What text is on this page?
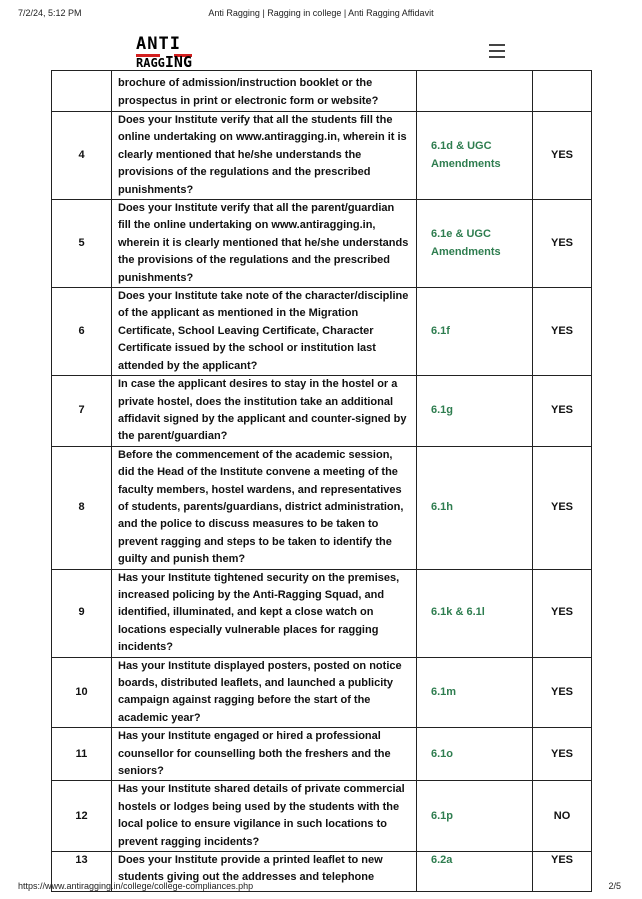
7/2/24, 5:12 PM	Anti Ragging | Ragging in college | Anti Ragging Affidavit
ANTI
RAGGING
	brochure of admission/instruction booklet or the prospectus in print or electronic form or website?		
4	Does your Institute verify that all the students fill the online undertaking on www.antiragging.in, wherein it is clearly mentioned that he/she understands the provisions of the regulations and the prescribed punishments?	6.1d & UGC Amendments	YES
5	Does your Institute verify that all the parent/guardian fill the online undertaking on www.antiragging.in, wherein it is clearly mentioned that he/she understands the provisions of the regulations and the prescribed punishments?	6.1e & UGC Amendments	YES
6	Does your Institute take note of the character/discipline of the applicant as mentioned in the Migration Certificate, School Leaving Certificate, Character Certificate issued by the school or institution last attended by the applicant?	6.1f	YES
7	In case the applicant desires to stay in the hostel or a private hostel, does the institution take an additional affidavit signed by the applicant and counter-signed by the parent/guardian?	6.1g	YES
8	Before the commencement of the academic session, did the Head of the Institute convene a meeting of the faculty members, hostel wardens, and representatives of students, parents/guardians, district administration, and the police to discuss measures to be taken to prevent ragging and steps to be taken to identify the guilty and punish them?	6.1h	YES
9	Has your Institute tightened security on the premises, increased policing by the Anti-Ragging Squad, and identified, illuminated, and kept a close watch on locations especially vulnerable places for ragging incidents?	6.1k & 6.1l	YES
10	Has your Institute displayed posters, posted on notice boards, distributed leaflets, and launched a publicity campaign against ragging before the start of the academic year?	6.1m	YES
11	Has your Institute engaged or hired a professional counsellor for counselling both the freshers and the seniors?	6.1o	YES
12	Has your Institute shared details of private commercial hostels or lodges being used by the students with the local police to ensure vigilance in such locations to prevent ragging incidents?	6.1p	NO
13	Does your Institute provide a printed leaflet to new students giving out the addresses and telephone	6.2a	YES
https://www.antiragging.in/college/college-compliances.php	2/5
